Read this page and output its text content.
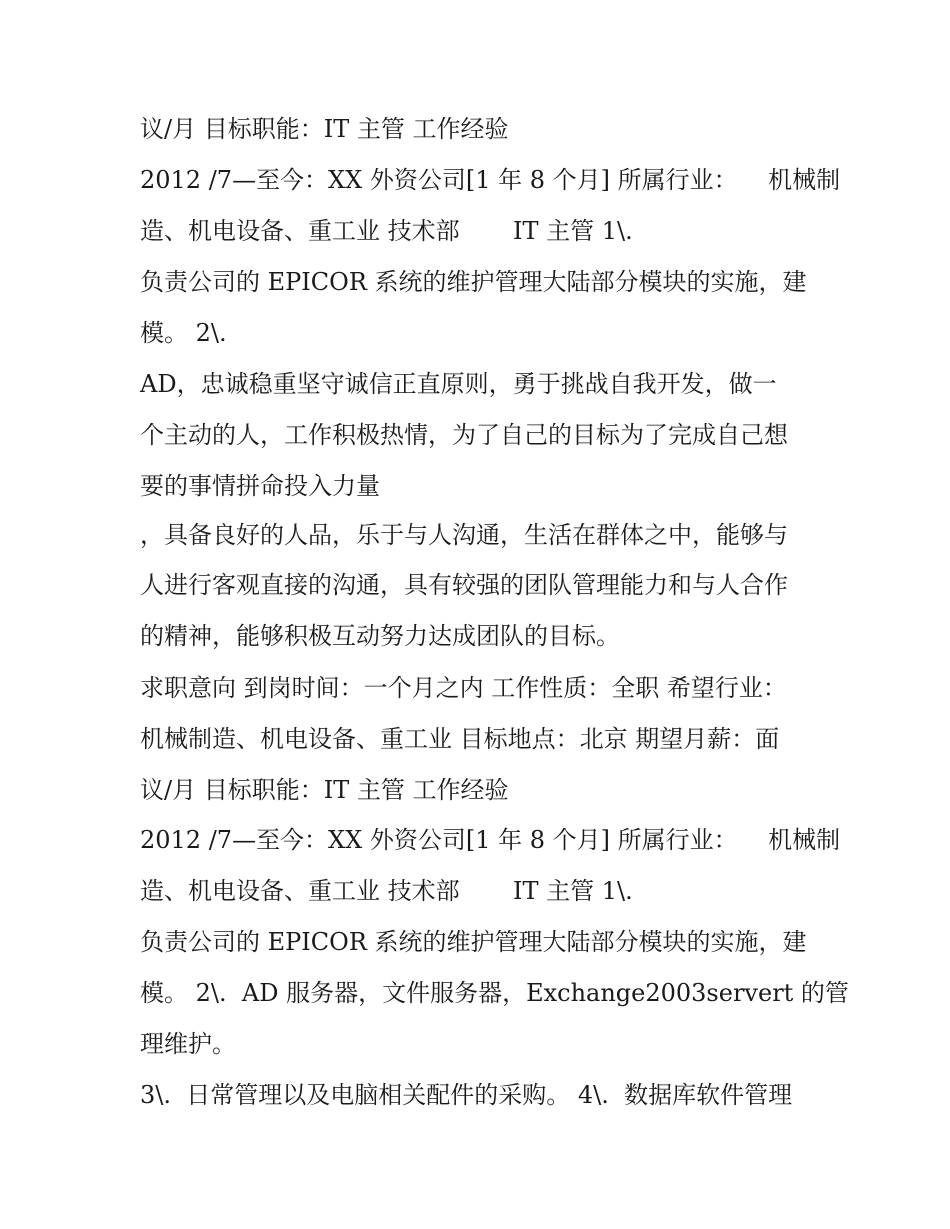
议/月 目标职能：IT 主管 工作经验

2012 /7—至今：XX 外资公司[1 年 8 个月] 所属行业：    机械制

造、机电设备、重工业 技术部       IT 主管 1\.

负责公司的 EPICOR 系统的维护管理大陆部分模块的实施，建

模。 2\.

AD，忠诚稳重坚守诚信正直原则，勇于挑战自我开发，做一

个主动的人，工作积极热情，为了自己的目标为了完成自己想

要的事情拼命投入力量

，具备良好的人品，乐于与人沟通，生活在群体之中，能够与

人进行客观直接的沟通，具有较强的团队管理能力和与人合作

的精神，能够积极互动努力达成团队的目标。

求职意向 到岗时间：一个月之内 工作性质：全职 希望行业：

机械制造、机电设备、重工业 目标地点：北京 期望月薪：面

议/月 目标职能：IT 主管 工作经验

2012 /7—至今：XX 外资公司[1 年 8 个月] 所属行业：    机械制

造、机电设备、重工业 技术部       IT 主管 1\.

负责公司的 EPICOR 系统的维护管理大陆部分模块的实施，建

模。 2\.  AD 服务器，文件服务器，Exchange2003servert 的管

理维护。

3\.  日常管理以及电脑相关配件的采购。 4\.  数据库软件管理
